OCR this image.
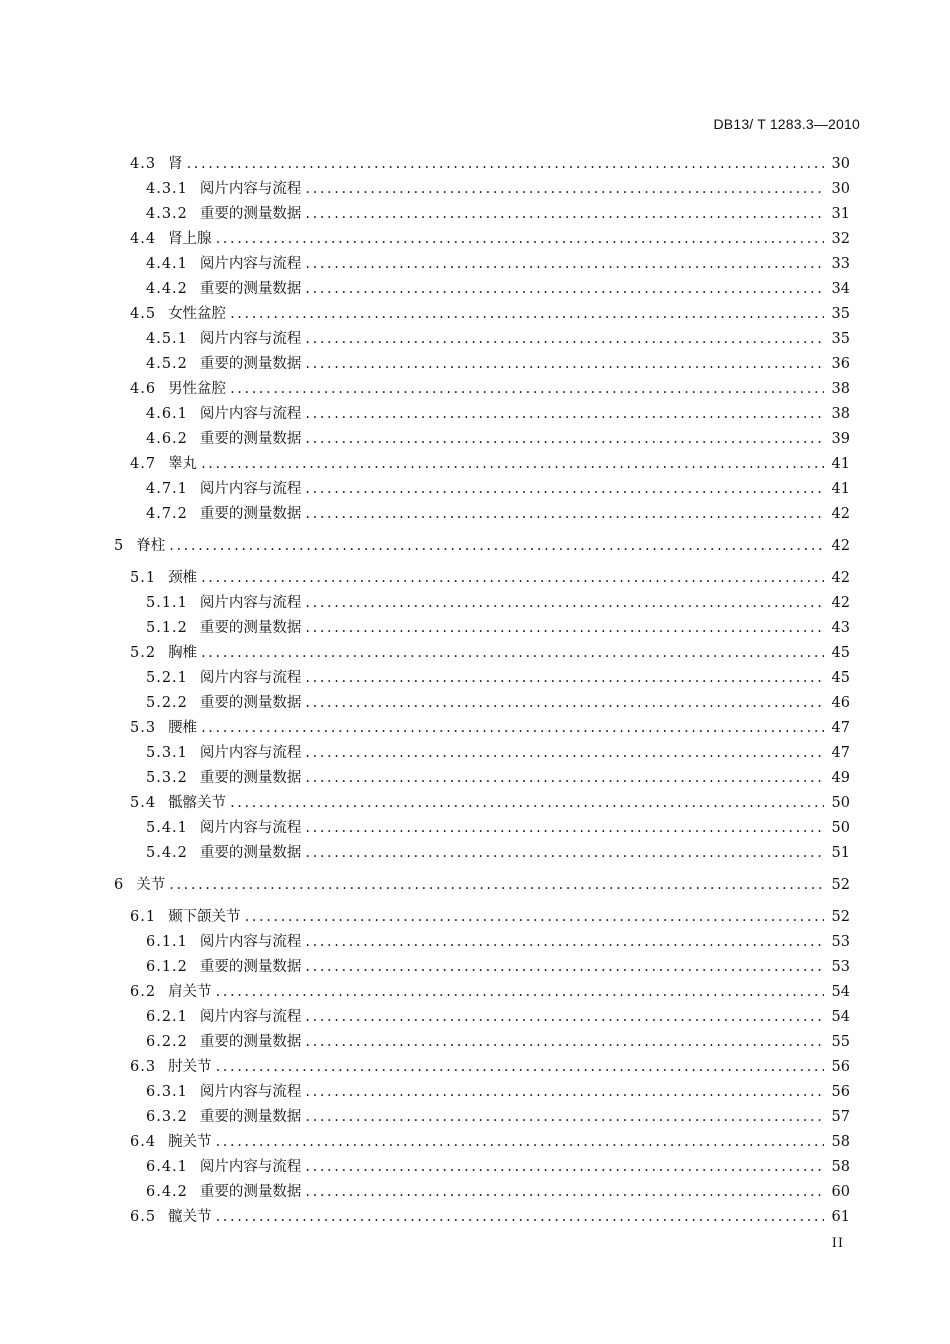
DB13/ T 1283.3—2010
4.3 肾 .....	30
4.3.1 阅片内容与流程 .....	30
4.3.2 重要的测量数据 .....	31
4.4 肾上腺 .....	32
4.4.1 阅片内容与流程 .....	33
4.4.2 重要的测量数据 .....	34
4.5 女性盆腔 .....	35
4.5.1 阅片内容与流程 .....	35
4.5.2 重要的测量数据 .....	36
4.6 男性盆腔 .....	38
4.6.1 阅片内容与流程 .....	38
4.6.2 重要的测量数据 .....	39
4.7 睾丸 .....	41
4.7.1 阅片内容与流程 .....	41
4.7.2 重要的测量数据 .....	42
5 脊柱 .....	42
5.1 颈椎 .....	42
5.1.1 阅片内容与流程 .....	42
5.1.2 重要的测量数据 .....	43
5.2 胸椎 .....	45
5.2.1 阅片内容与流程 .....	45
5.2.2 重要的测量数据 .....	46
5.3 腰椎 .....	47
5.3.1 阅片内容与流程 .....	47
5.3.2 重要的测量数据 .....	49
5.4 骶髂关节 .....	50
5.4.1 阅片内容与流程 .....	50
5.4.2 重要的测量数据 .....	51
6 关节 .....	52
6.1 颞下颌关节 .....	52
6.1.1 阅片内容与流程 .....	53
6.1.2 重要的测量数据 .....	53
6.2 肩关节 .....	54
6.2.1 阅片内容与流程 .....	54
6.2.2 重要的测量数据 .....	55
6.3 肘关节 .....	56
6.3.1 阅片内容与流程 .....	56
6.3.2 重要的测量数据 .....	57
6.4 腕关节 .....	58
6.4.1 阅片内容与流程 .....	58
6.4.2 重要的测量数据 .....	60
6.5 髋关节 .....	61
II
